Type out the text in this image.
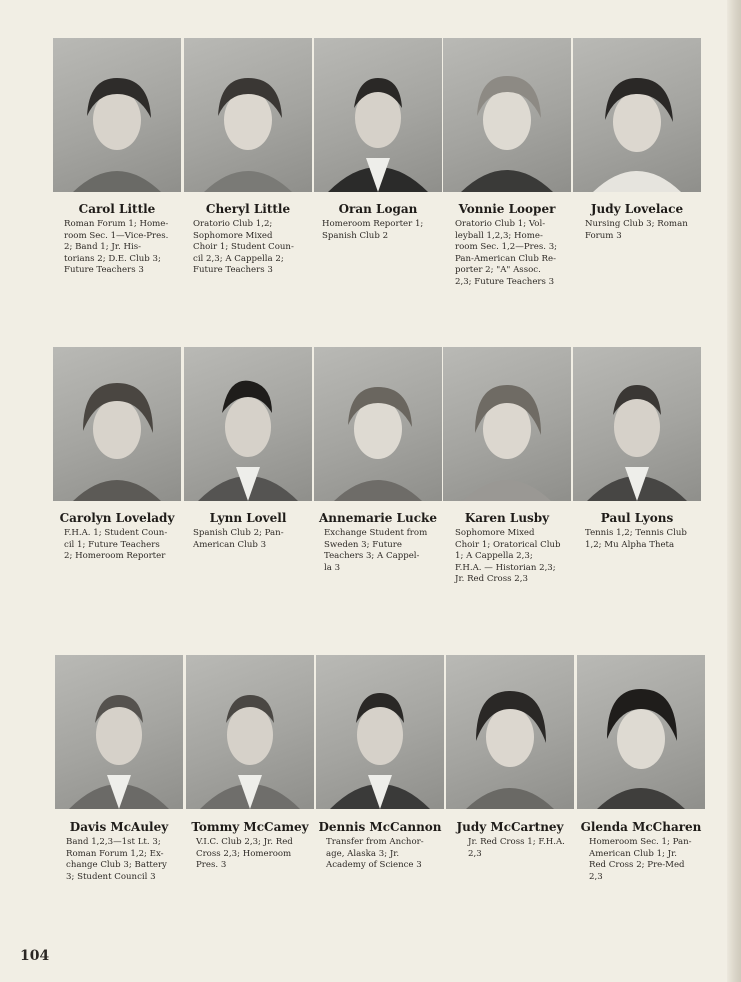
Carol Little	Cheryl Little	Oran Logan	Vonnie Looper	Judy Lovelace
Roman Forum 1; Home-
room Sec. 1—Vice-Pres.
2; Band 1; Jr. His-
torians 2; D.E. Club 3;
Future Teachers 3
Oratorio Club 1,2;
Sophomore Mixed
Choir 1; Student Coun-
cil 2,3; A Cappella 2;
Future Teachers 3
Homeroom Reporter 1;
Spanish Club 2
Oratorio Club 1; Vol-
leyball 1,2,3; Home-
room Sec. 1,2—Pres. 3;
Pan-American Club Re-
porter 2; "A" Assoc.
2,3; Future Teachers 3
Nursing Club 3; Roman
Forum 3
Carolyn Lovelady	Lynn Lovell	Annemarie Lucke	Karen Lusby	Paul Lyons
F.H.A. 1; Student Coun-
cil 1; Future Teachers
2; Homeroom Reporter
Spanish Club 2; Pan-
American Club 3
Exchange Student from
Sweden 3; Future
Teachers 3; A Cappel-
la 3
Sophomore Mixed
Choir 1; Oratorical Club
1; A Cappella 2,3;
F.H.A. — Historian 2,3;
Jr. Red Cross 2,3
Tennis 1,2; Tennis Club
1,2; Mu Alpha Theta
Davis McAuley	Tommy McCamey Dennis McCannon	Judy McCartney	Glenda McCharen
Band 1,2,3—1st Lt. 3;
Roman Forum 1,2; Ex-
change Club 3; Battery
3; Student Council 3
V.I.C. Club 2,3; Jr. Red
Cross 2,3; Homeroom
Pres. 3
Transfer from Anchor-
age, Alaska 3; Jr.
Academy of Science 3
Jr. Red Cross 1; F.H.A.
2,3
Homeroom Sec. 1; Pan-
American Club 1; Jr.
Red Cross 2; Pre-Med
2,3
104
